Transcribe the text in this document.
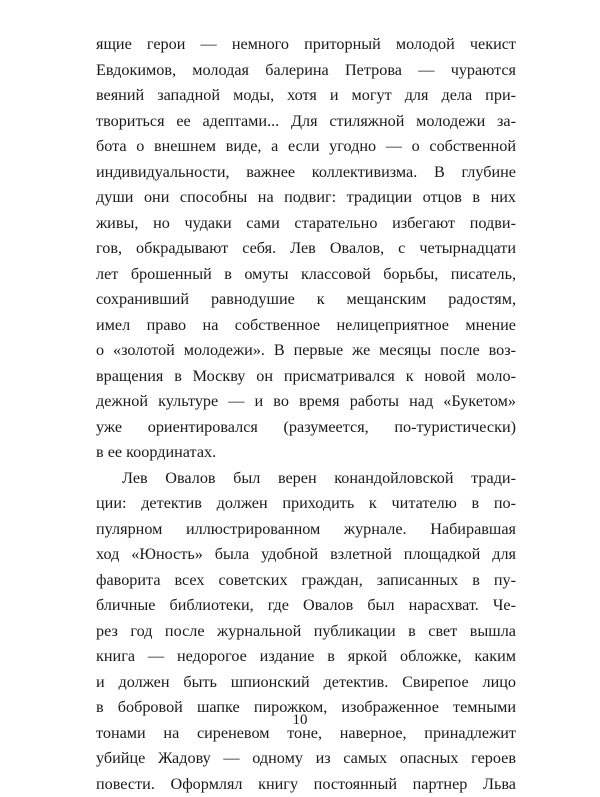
ящие герои — немного приторный молодой чекист
Евдокимов, молодая балерина Петрова — чураются
веяний западной моды, хотя и могут для дела при-
твориться ее адептами... Для стиляжной молодежи за-
бота о внешнем виде, а если угодно — о собственной
индивидуальности, важнее коллективизма. В глубине
души они способны на подвиг: традиции отцов в них
живы, но чудаки сами старательно избегают подви-
гов, обкрадывают себя. Лев Овалов, с четырнадцати
лет брошенный в омуты классовой борьбы, писатель,
сохранивший равнодушие к мещанским радостям,
имел право на собственное нелицеприятное мнение
о «золотой молодежи». В первые же месяцы после воз-
вращения в Москву он присматривался к новой моло-
дежной культуре — и во время работы над «Букетом»
уже ориентировался (разумеется, по-туристически)
в ее координатах.

Лев Овалов был верен конандойловской тради-
ции: детектив должен приходить к читателю в по-
пулярном иллюстрированном журнале. Набиравшая
ход «Юность» была удобной взлетной площадкой для
фаворита всех советских граждан, записанных в пу-
бличные библиотеки, где Овалов был нарасхват. Че-
рез год после журнальной публикации в свет вышла
книга — недорогое издание в яркой обложке, каким
и должен быть шпионский детектив. Свирепое лицо
в бобровой шапке пирожком, изображенное темными
тонами на сиреневом тоне, наверное, принадлежит
убийце Жадову — одному из самых опасных героев
повести. Оформлял книгу постоянный партнер Льва

10
